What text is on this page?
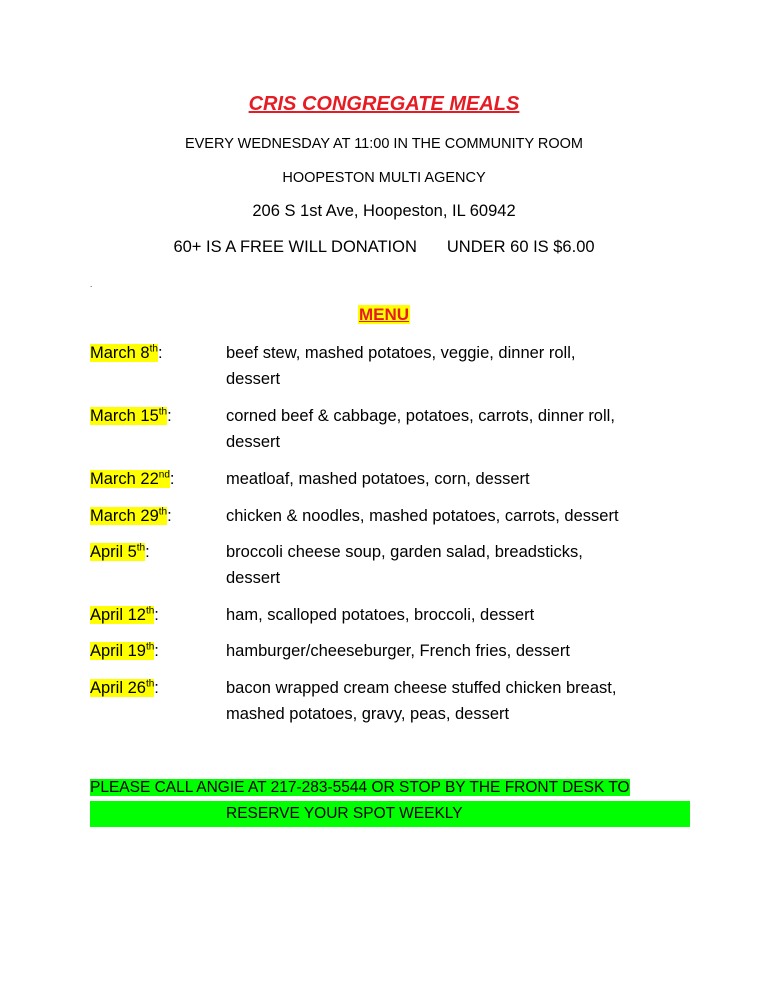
CRIS CONGREGATE MEALS
EVERY WEDNESDAY AT 11:00 IN THE COMMUNITY ROOM
HOOPESTON MULTI AGENCY
206 S 1st Ave, Hoopeston, IL 60942
60+ IS A FREE WILL DONATION UNDER 60 IS $6.00
.
MENU
March 8th:	beef stew, mashed potatoes, veggie, dinner roll,
dessert
March 15th:	corned beef & cabbage, potatoes, carrots, dinner roll,
dessert
March 22nd:	meatloaf, mashed potatoes, corn, dessert
March 29th:	chicken & noodles, mashed potatoes, carrots, dessert
April 5th:	broccoli cheese soup, garden salad, breadsticks,
dessert
April 12th:	ham, scalloped potatoes, broccoli, dessert
April 19th:	hamburger/cheeseburger, French fries, dessert
April 26th:	bacon wrapped cream cheese stuffed chicken breast,
mashed potatoes, gravy, peas, dessert
PLEASE CALL ANGIE AT 217-283-5544 OR STOP BY THE FRONT DESK TO
RESERVE YOUR SPOT WEEKLY
